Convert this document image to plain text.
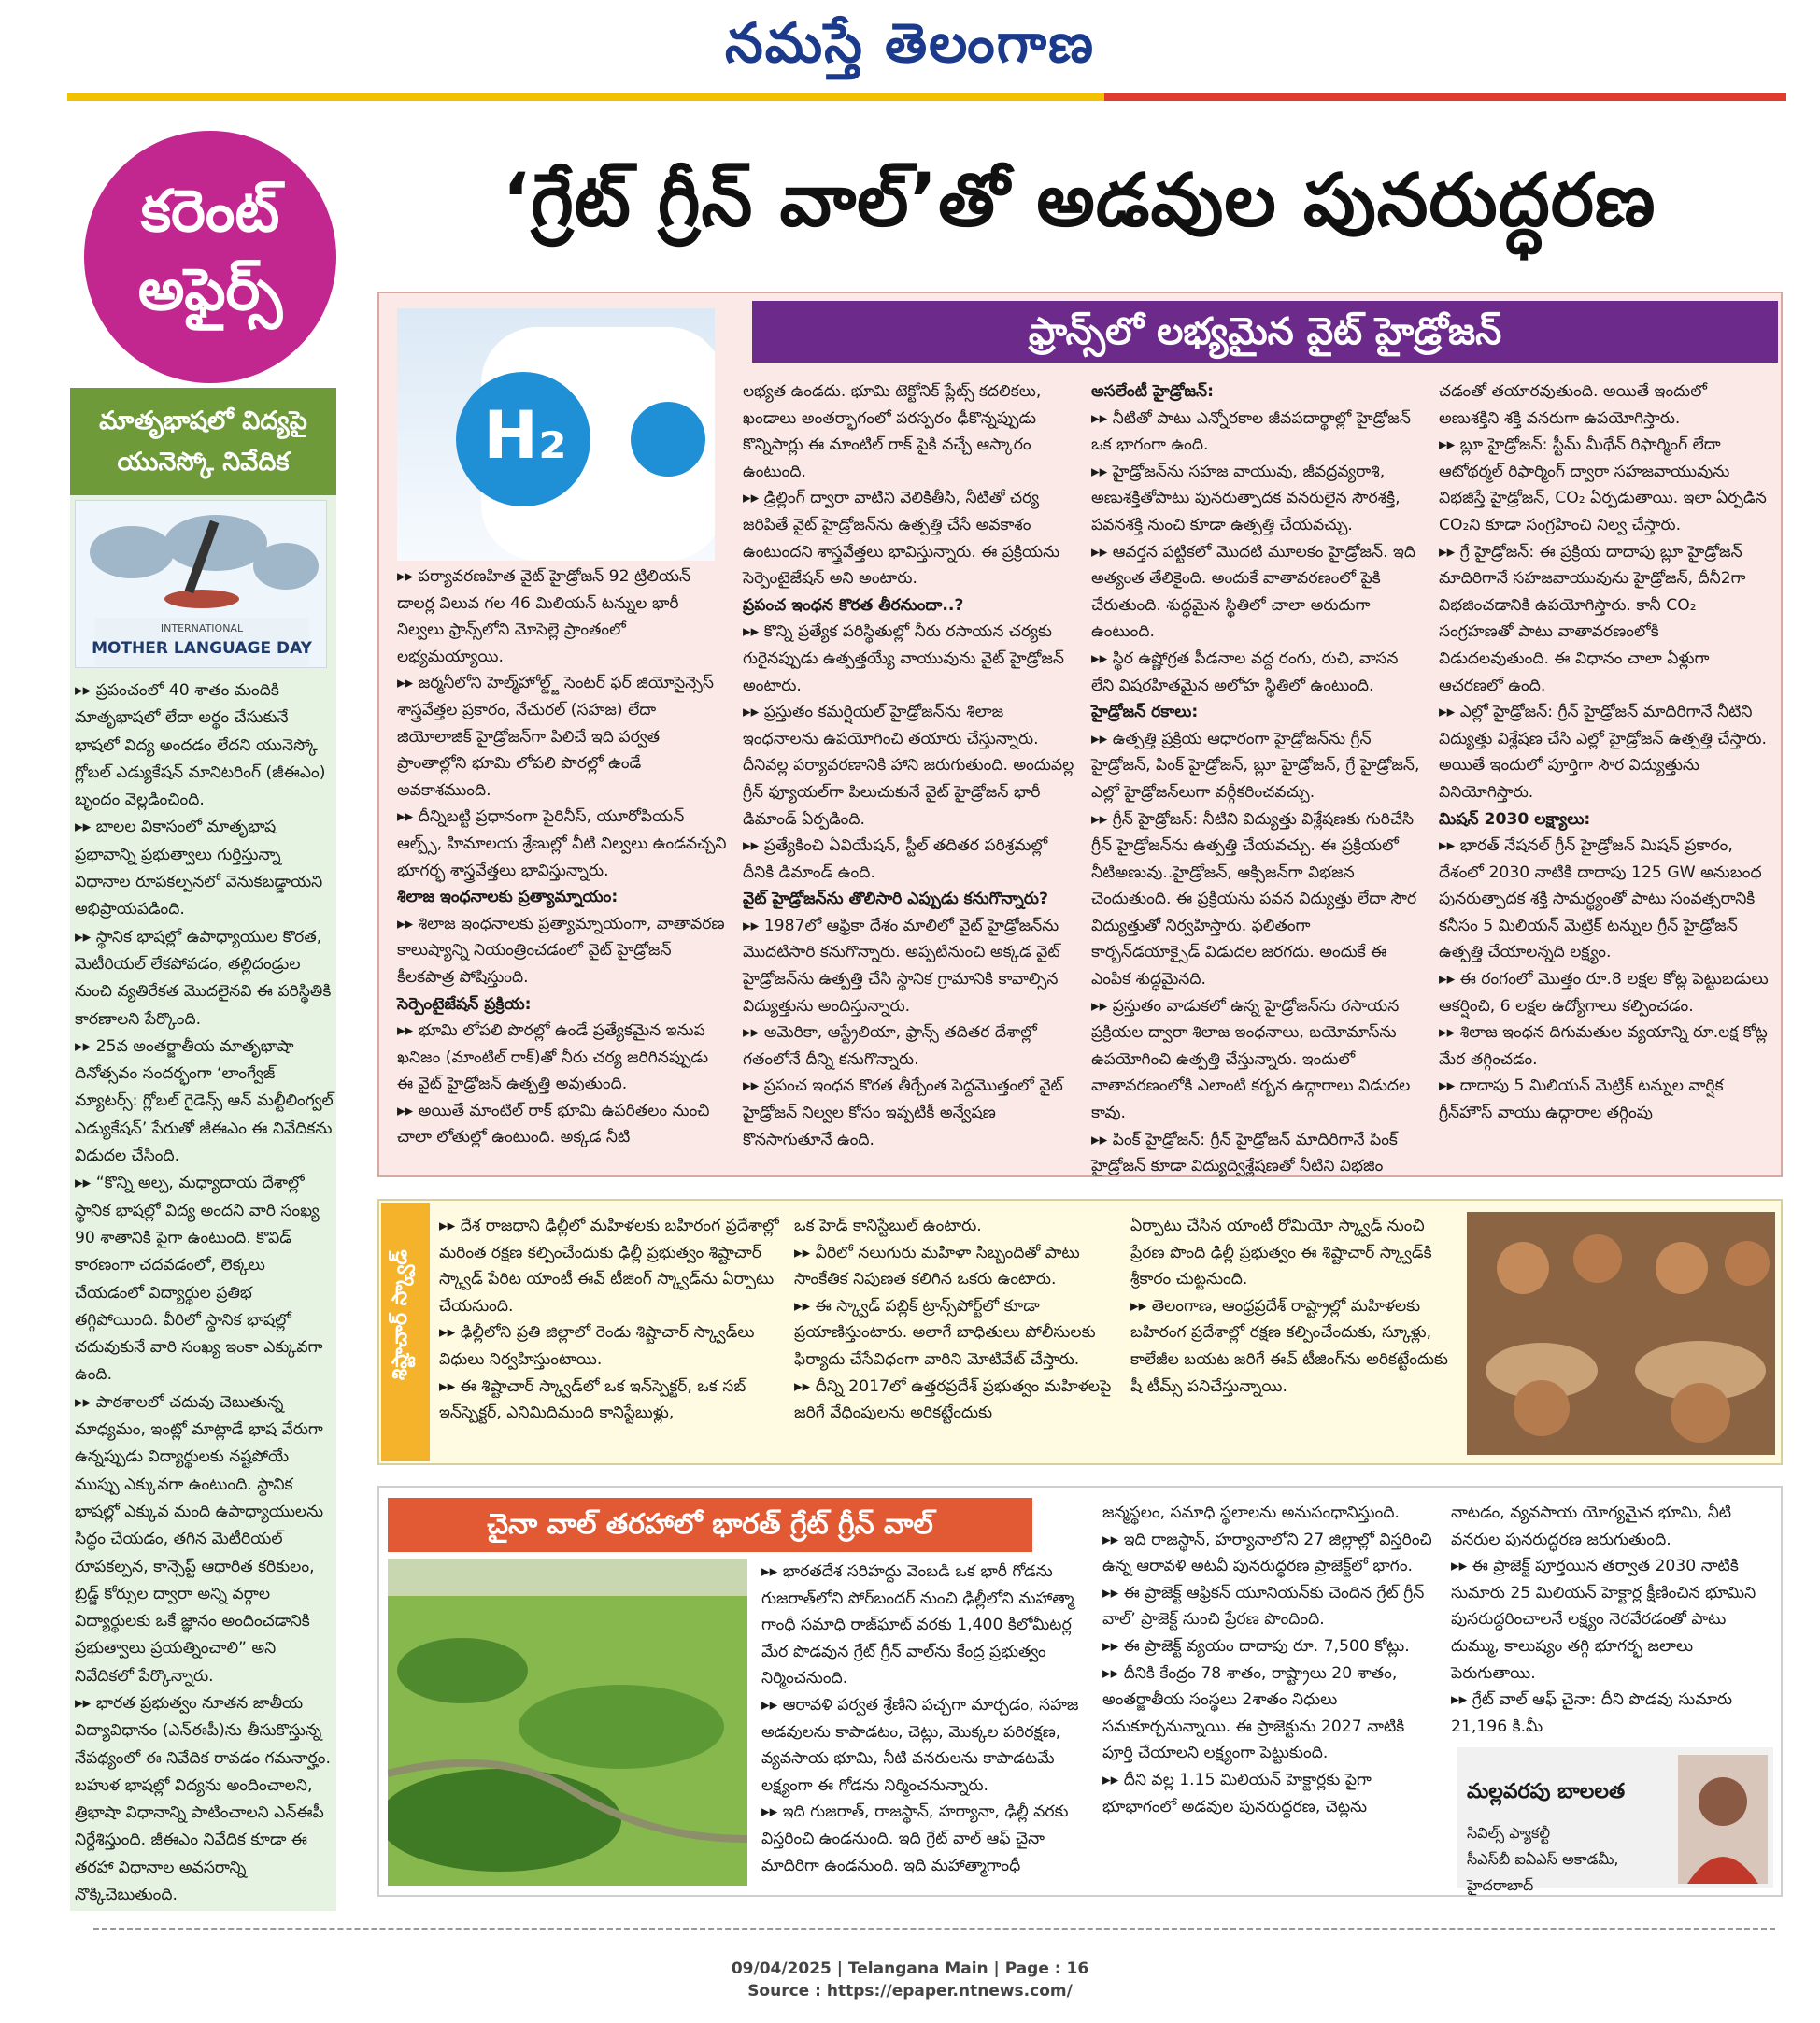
నమస్తే తెలంగాణ
కరెంట్ అఫైర్స్
‘గ్రేట్ గ్రీన్ వాల్’తో అడవుల పునరుద్ధరణ
మాతృభాషలో విద్యపై యునెస్కో నివేదిక
INTERNATIONAL
MOTHER LANGUAGE DAY

▸▸ ప్రపంచంలో 40 శాతం మందికి మాతృభాషలో లేదా అర్థం చేసుకునే భాషలో విద్య అందడం లేదని యునెస్కో గ్లోబల్ ఎడ్యుకేషన్ మానిటరింగ్ (జీఈఎం) బృందం వెల్లడించింది.

▸▸ బాలల వికాసంలో మాతృభాష ప్రభావాన్ని ప్రభుత్వాలు గుర్తిస్తున్నా విధానాల రూపకల్పనలో వెనుకబడ్డాయని అభిప్రాయపడింది.

▸▸ స్థానిక భాషల్లో ఉపాధ్యాయుల కొరత, మెటీరియల్ లేకపోవడం, తల్లిదండ్రుల నుంచి వ్యతిరేకత మొదలైనవి ఈ పరిస్థితికి కారణాలని పేర్కొంది.

▸▸ 25వ అంతర్జాతీయ మాతృభాషా దినోత్సవం సందర్భంగా ‘లాంగ్వేజ్ మ్యాటర్స్: గ్లోబల్ గైడెన్స్ ఆన్ మల్టీలింగ్వల్ ఎడ్యుకేషన్’ పేరుతో జీఈఎం ఈ నివేదికను విడుదల చేసింది.

▸▸ “కొన్ని అల్ప, మధ్యాదాయ దేశాల్లో స్థానిక భాషల్లో విద్య అందని వారి సంఖ్య 90 శాతానికి పైగా ఉంటుంది. కొవిడ్ కారణంగా చదవడంలో, లెక్కలు చేయడంలో విద్యార్థుల ప్రతిభ తగ్గిపోయింది. వీరిలో స్థానిక భాషల్లో చదువుకునే వారి సంఖ్య ఇంకా ఎక్కువగా ఉంది.

▸▸ పాఠశాలలో చదువు చెబుతున్న మాధ్యమం, ఇంట్లో మాట్లాడే భాష వేరుగా ఉన్నప్పుడు విద్యార్థులకు నష్టపోయే ముప్పు ఎక్కువగా ఉంటుంది. స్థానిక భాషల్లో ఎక్కువ మంది ఉపాధ్యాయులను సిద్ధం చేయడం, తగిన మెటీరియల్ రూపకల్పన, కాన్సెప్ట్ ఆధారిత కరికులం, బ్రిడ్జ్ కోర్సుల ద్వారా అన్ని వర్గాల విద్యార్థులకు ఒకే జ్ఞానం అందించడానికి ప్రభుత్వాలు ప్రయత్నించాలి” అని నివేదికలో పేర్కొన్నారు.

▸▸ భారత ప్రభుత్వం నూతన జాతీయ విద్యావిధానం (ఎన్ఈపీ)ను తీసుకొస్తున్న నేపథ్యంలో ఈ నివేదిక రావడం గమనార్హం. బహుళ భాషల్లో విద్యను అందించాలని, త్రిభాషా విధానాన్ని పాటించాలని ఎన్ఈపీ నిర్దేశిస్తుంది. జీఈఎం నివేదిక కూడా ఈ తరహా విధానాల అవసరాన్ని నొక్కిచెబుతుంది.

H₂
ఫ్రాన్స్‌లో లభ్యమైన వైట్ హైడ్రోజన్

▸▸ పర్యావరణహిత వైట్ హైడ్రోజన్ 92 ట్రిలియన్ డాలర్ల విలువ గల 46 మిలియన్ టన్నుల భారీ నిల్వలు ఫ్రాన్స్‌లోని మోసెల్లె ప్రాంతంలో లభ్యమయ్యాయి.

▸▸ జర్మనీలోని హెల్మ్‌హోల్ట్జ్ సెంటర్ ఫర్ జియోసైన్సెస్ శాస్త్రవేత్తల ప్రకారం, నేచురల్ (సహజ) లేదా జియోలాజిక్ హైడ్రోజన్‌గా పిలిచే ఇది పర్వత ప్రాంతాల్లోని భూమి లోపలి పొరల్లో ఉండే అవకాశముంది.

▸▸ దీన్నిబట్టి ప్రధానంగా పైరినీస్, యూరోపియన్ ఆల్ప్స్, హిమాలయ శ్రేణుల్లో వీటి నిల్వలు ఉండవచ్చని భూగర్భ శాస్త్రవేత్తలు భావిస్తున్నారు.

శిలాజ ఇంధనాలకు ప్రత్యామ్నాయం:

▸▸ శిలాజ ఇంధనాలకు ప్రత్యామ్నాయంగా, వాతావరణ కాలుష్యాన్ని నియంత్రించడంలో వైట్ హైడ్రోజన్ కీలకపాత్ర పోషిస్తుంది.

సెర్పెంటైజేషన్ ప్రక్రియ:

▸▸ భూమి లోపలి పొరల్లో ఉండే ప్రత్యేకమైన ఇనుప ఖనిజం (మాంటిల్ రాక్)తో నీరు చర్య జరిగినప్పుడు ఈ వైట్ హైడ్రోజన్ ఉత్పత్తి అవుతుంది.

▸▸ అయితే మాంటిల్ రాక్ భూమి ఉపరితలం నుంచి చాలా లోతుల్లో ఉంటుంది. అక్కడ నీటి

లభ్యత ఉండదు. భూమి టెక్టోనిక్ ప్లేట్స్ కదలికలు, ఖండాలు అంతర్భాగంలో పరస్పరం ఢీకొన్నప్పుడు కొన్నిసార్లు ఈ మాంటిల్ రాక్ పైకి వచ్చే ఆస్కారం ఉంటుంది.

▸▸ డ్రిల్లింగ్ ద్వారా వాటిని వెలికితీసి, నీటితో చర్య జరిపితే వైట్ హైడ్రోజన్‌ను ఉత్పత్తి చేసే అవకాశం ఉంటుందని శాస్త్రవేత్తలు భావిస్తున్నారు. ఈ ప్రక్రియను సెర్పెంటైజేషన్ అని అంటారు.

ప్రపంచ ఇంధన కొరత తీరనుందా..?

▸▸ కొన్ని ప్రత్యేక పరిస్థితుల్లో నీరు రసాయన చర్యకు గురైనప్పుడు ఉత్పత్తయ్యే వాయువును వైట్ హైడ్రోజన్ అంటారు.

▸▸ ప్రస్తుతం కమర్షియల్ హైడ్రోజన్‌ను శిలాజ ఇంధనాలను ఉపయోగించి తయారు చేస్తున్నారు. దీనివల్ల పర్యావరణానికి హాని జరుగుతుంది. అందువల్ల గ్రీన్ ఫ్యూయల్‌గా పిలుచుకునే వైట్ హైడ్రోజన్ భారీ డిమాండ్ ఏర్పడింది.

▸▸ ప్రత్యేకించి ఏవియేషన్, స్టీల్ తదితర పరిశ్రమల్లో దీనికి డిమాండ్ ఉంది.

వైట్ హైడ్రోజన్‌ను తొలిసారి ఎప్పుడు కనుగొన్నారు?

▸▸ 1987లో ఆఫ్రికా దేశం మాలిలో వైట్ హైడ్రోజన్‌ను మొదటిసారి కనుగొన్నారు. అప్పటినుంచి అక్కడ వైట్ హైడ్రోజన్‌ను ఉత్పత్తి చేసి స్థానిక గ్రామానికి కావాల్సిన విద్యుత్తును అందిస్తున్నారు.

▸▸ అమెరికా, ఆస్ట్రేలియా, ఫ్రాన్స్ తదితర దేశాల్లో గతంలోనే దీన్ని కనుగొన్నారు.

▸▸ ప్రపంచ ఇంధన కొరత తీర్చేంత పెద్దమొత్తంలో వైట్ హైడ్రోజన్ నిల్వల కోసం ఇప్పటికీ అన్వేషణ కొనసాగుతూనే ఉంది.

అసలేంటీ హైడ్రోజన్:

▸▸ నీటితో పాటు ఎన్నోరకాల జీవపదార్థాల్లో హైడ్రోజన్ ఒక భాగంగా ఉంది.

▸▸ హైడ్రోజన్‌ను సహజ వాయువు, జీవద్రవ్యరాశి, అణుశక్తితోపాటు పునరుత్పాదక వనరులైన సౌరశక్తి, పవనశక్తి నుంచి కూడా ఉత్పత్తి చేయవచ్చు.

▸▸ ఆవర్తన పట్టికలో మొదటి మూలకం హైడ్రోజన్. ఇది అత్యంత తేలికైంది. అందుకే వాతావరణంలో పైకి చేరుతుంది. శుద్ధమైన స్థితిలో చాలా అరుదుగా ఉంటుంది.

▸▸ స్థిర ఉష్ణోగ్రత పీడనాల వద్ద రంగు, రుచి, వాసన లేని విషరహితమైన అలోహ స్థితిలో ఉంటుంది.

హైడ్రోజన్ రకాలు:

▸▸ ఉత్పత్తి ప్రక్రియ ఆధారంగా హైడ్రోజన్‌ను గ్రీన్ హైడ్రోజన్, పింక్ హైడ్రోజన్, బ్లూ హైడ్రోజన్, గ్రే హైడ్రోజన్, ఎల్లో హైడ్రోజన్‌లుగా వర్గీకరించవచ్చు.

▸▸ గ్రీన్ హైడ్రోజన్: నీటిని విద్యుత్తు విశ్లేషణకు గురిచేసి గ్రీన్ హైడ్రోజన్‌ను ఉత్పత్తి చేయవచ్చు. ఈ ప్రక్రియలో నీటిఅణువు..హైడ్రోజన్, ఆక్సిజన్‌గా విభజన చెందుతుంది. ఈ ప్రక్రియను పవన విద్యుత్తు లేదా సౌర విద్యుత్తుతో నిర్వహిస్తారు. ఫలితంగా కార్బన్‌డయాక్సైడ్ విడుదల జరగదు. అందుకే ఈ ఎంపిక శుద్ధమైనది.

▸▸ ప్రస్తుతం వాడుకలో ఉన్న హైడ్రోజన్‌ను రసాయన ప్రక్రియల ద్వారా శిలాజ ఇంధనాలు, బయోమాస్‌ను ఉపయోగించి ఉత్పత్తి చేస్తున్నారు. ఇందులో వాతావరణంలోకి ఎలాంటి కర్బన ఉద్గారాలు విడుదల కావు.

▸▸ పింక్ హైడ్రోజన్: గ్రీన్ హైడ్రోజన్ మాదిరిగానే పింక్ హైడ్రోజన్ కూడా విద్యుద్విశ్లేషణతో నీటిని విభజిం

చడంతో తయారవుతుంది. అయితే ఇందులో అణుశక్తిని శక్తి వనరుగా ఉపయోగిస్తారు.

▸▸ బ్లూ హైడ్రోజన్: స్టీమ్ మీథేన్ రిఫార్మింగ్ లేదా ఆటోథర్మల్ రిఫార్మింగ్ ద్వారా సహజవాయువును విభజిస్తే హైడ్రోజన్, CO₂ ఏర్పడుతాయి. ఇలా ఏర్పడిన CO₂ని కూడా సంగ్రహించి నిల్వ చేస్తారు.

▸▸ గ్రే హైడ్రోజన్: ఈ ప్రక్రియ దాదాపు బ్లూ హైడ్రోజన్ మాదిరిగానే సహజవాయువును హైడ్రోజన్, దీనీ2గా విభజించడానికి ఉపయోగిస్తారు. కానీ CO₂ సంగ్రహణతో పాటు వాతావరణంలోకి విడుదలవుతుంది. ఈ విధానం చాలా ఏళ్లుగా ఆచరణలో ఉంది.

▸▸ ఎల్లో హైడ్రోజన్: గ్రీన్ హైడ్రోజన్ మాదిరిగానే నీటిని విద్యుత్తు విశ్లేషణ చేసి ఎల్లో హైడ్రోజన్ ఉత్పత్తి చేస్తారు. అయితే ఇందులో పూర్తిగా సౌర విద్యుత్తును వినియోగిస్తారు.

మిషన్ 2030 లక్ష్యాలు:

▸▸ భారత్ నేషనల్ గ్రీన్ హైడ్రోజన్ మిషన్ ప్రకారం, దేశంలో 2030 నాటికి దాదాపు 125 GW అనుబంధ పునరుత్పాదక శక్తి సామర్థ్యంతో పాటు సంవత్సరానికి కనీసం 5 మిలియన్ మెట్రిక్ టన్నుల గ్రీన్ హైడ్రోజన్ ఉత్పత్తి చేయాలన్నది లక్ష్యం.

▸▸ ఈ రంగంలో మొత్తం రూ.8 లక్షల కోట్ల పెట్టుబడులు ఆకర్షించి, 6 లక్షల ఉద్యోగాలు కల్పించడం.

▸▸ శిలాజ ఇంధన దిగుమతుల వ్యయాన్ని రూ.లక్ష కోట్ల మేర తగ్గించడం.

▸▸ దాదాపు 5 మిలియన్ మెట్రిక్ టన్నుల వార్షిక గ్రీన్‌హౌస్ వాయు ఉద్గారాల తగ్గింపు

శిష్టాచార్ స్క్వాడ్

▸▸ దేశ రాజధాని ఢిల్లీలో మహిళలకు బహిరంగ ప్రదేశాల్లో మరింత రక్షణ కల్పించేందుకు ఢిల్లీ ప్రభుత్వం శిష్టాచార్ స్క్వాడ్ పేరిట యాంటీ ఈవ్ టీజింగ్ స్క్వాడ్‌ను ఏర్పాటు చేయనుంది.

▸▸ ఢిల్లీలోని ప్రతి జిల్లాలో రెండు శిష్టాచార్ స్క్వాడ్‌లు విధులు నిర్వహిస్తుంటాయి.

▸▸ ఈ శిష్టాచార్ స్క్వాడ్‌లో ఒక ఇన్‌స్పెక్టర్, ఒక సబ్ ఇన్‌స్పెక్టర్, ఎనిమిదిమంది కానిస్టేబుళ్లు,

ఒక హెడ్ కానిస్టేబుల్ ఉంటారు.

▸▸ వీరిలో నలుగురు మహిళా సిబ్బందితో పాటు సాంకేతిక నిపుణత కలిగిన ఒకరు ఉంటారు.

▸▸ ఈ స్క్వాడ్ పబ్లిక్ ట్రాన్స్‌పోర్ట్‌లో కూడా ప్రయాణిస్తుంటారు. అలాగే బాధితులు పోలీసులకు ఫిర్యాదు చేసేవిధంగా వారిని మోటివేట్ చేస్తారు.

▸▸ దీన్ని 2017లో ఉత్తరప్రదేశ్ ప్రభుత్వం మహిళలపై జరిగే వేధింపులను అరికట్టేందుకు

ఏర్పాటు చేసిన యాంటీ రోమియో స్క్వాడ్ నుంచి ప్రేరణ పొంది ఢిల్లీ ప్రభుత్వం ఈ శిష్టాచార్ స్క్వాడ్‌కి శ్రీకారం చుట్టనుంది.

▸▸ తెలంగాణ, ఆంధ్రప్రదేశ్ రాష్ట్రాల్లో మహిళలకు బహిరంగ ప్రదేశాల్లో రక్షణ కల్పించేందుకు, స్కూళ్లు, కాలేజీల బయట జరిగే ఈవ్ టీజింగ్‌ను అరికట్టేందుకు షీ టీమ్స్ పనిచేస్తున్నాయి.

చైనా వాల్ తరహాలో భారత్ గ్రేట్ గ్రీన్ వాల్

▸▸ భారతదేశ సరిహద్దు వెంబడి ఒక భారీ గోడను గుజరాత్‌లోని పోర్‌బందర్ నుంచి ఢిల్లీలోని మహాత్మా గాంధీ సమాధి రాజ్‌ఘాట్ వరకు 1,400 కిలోమీటర్ల మేర పొడవున గ్రేట్ గ్రీన్ వాల్‌ను కేంద్ర ప్రభుత్వం నిర్మించనుంది.

▸▸ ఆరావళి పర్వత శ్రేణిని పచ్చగా మార్చడం, సహజ అడవులను కాపాడటం, చెట్లు, మొక్కల పరిరక్షణ, వ్యవసాయ భూమి, నీటి వనరులను కాపాడటమే లక్ష్యంగా ఈ గోడను నిర్మించనున్నారు.

▸▸ ఇది గుజరాత్, రాజస్థాన్, హర్యానా, ఢిల్లీ వరకు విస్తరించి ఉండనుంది. ఇది గ్రేట్ వాల్ ఆఫ్ చైనా మాదిరిగా ఉండనుంది. ఇది మహాత్మాగాంధీ

జన్మస్థలం, సమాధి స్థలాలను అనుసంధానిస్తుంది.

▸▸ ఇది రాజస్థాన్, హర్యానాలోని 27 జిల్లాల్లో విస్తరించి ఉన్న ఆరావళి అటవీ పునరుద్ధరణ ప్రాజెక్ట్‌లో భాగం.

▸▸ ఈ ప్రాజెక్ట్ ఆఫ్రికన్ యూనియన్‌కు చెందిన గ్రేట్ గ్రీన్ వాల్’ ప్రాజెక్ట్ నుంచి ప్రేరణ పొందింది.

▸▸ ఈ ప్రాజెక్ట్ వ్యయం దాదాపు రూ. 7,500 కోట్లు.

▸▸ దీనికి కేంద్రం 78 శాతం, రాష్ట్రాలు 20 శాతం, అంతర్జాతీయ సంస్థలు 2శాతం నిధులు సమకూర్చనున్నాయి. ఈ ప్రాజెక్టును 2027 నాటికి పూర్తి చేయాలని లక్ష్యంగా పెట్టుకుంది.

▸▸ దీని వల్ల 1.15 మిలియన్ హెక్టార్లకు పైగా భూభాగంలో అడవుల పునరుద్ధరణ, చెట్లను

నాటడం, వ్యవసాయ యోగ్యమైన భూమి, నీటి వనరుల పునరుద్ధరణ జరుగుతుంది.

▸▸ ఈ ప్రాజెక్ట్ పూర్తయిన తర్వాత 2030 నాటికి సుమారు 25 మిలియన్ హెక్టార్ల క్షీణించిన భూమిని పునరుద్ధరించాలనే లక్ష్యం నెరవేరడంతో పాటు దుమ్ము, కాలుష్యం తగ్గి భూగర్భ జలాలు పెరుగుతాయి.

▸▸ గ్రేట్ వాల్ ఆఫ్ చైనా: దీని పొడవు సుమారు 21,196 కి.మీ

మల్లవరపు బాలలత
సివిల్స్ ఫ్యాకల్టీ
సీఎస్‌బీ ఐఏఎస్ అకాడమీ,
హైదరాబాద్
09/04/2025 | Telangana Main | Page : 16
Source : https://epaper.ntnews.com/
